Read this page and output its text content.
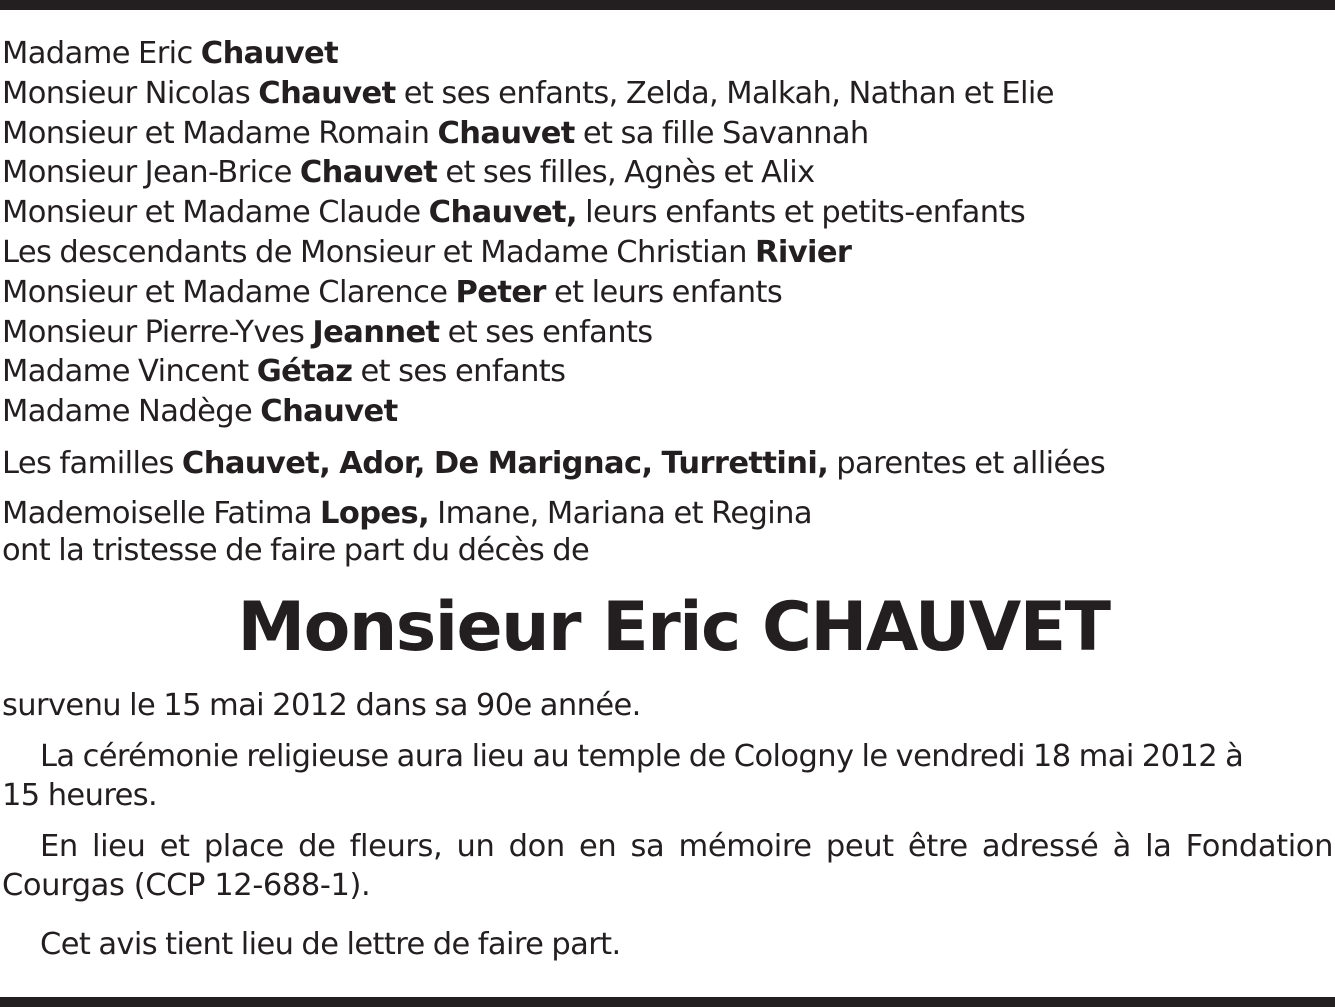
Madame Eric Chauvet
Monsieur Nicolas Chauvet et ses enfants, Zelda, Malkah, Nathan et Elie
Monsieur et Madame Romain Chauvet et sa fille Savannah
Monsieur Jean-Brice Chauvet et ses filles, Agnès et Alix
Monsieur et Madame Claude Chauvet, leurs enfants et petits-enfants
Les descendants de Monsieur et Madame Christian Rivier
Monsieur et Madame Clarence Peter et leurs enfants
Monsieur Pierre-Yves Jeannet et ses enfants
Madame Vincent Gétaz et ses enfants
Madame Nadège Chauvet
Les familles Chauvet, Ador, De Marignac, Turrettini, parentes et alliées
Mademoiselle Fatima Lopes, Imane, Mariana et Regina
ont la tristesse de faire part du décès de
Monsieur Eric CHAUVET
survenu le 15 mai 2012 dans sa 90e année.
La cérémonie religieuse aura lieu au temple de Cologny le vendredi 18 mai 2012 à
15 heures.
En lieu et place de fleurs, un don en sa mémoire peut être adressé à la Fondation Courgas (CCP 12-688-1).
Cet avis tient lieu de lettre de faire part.
